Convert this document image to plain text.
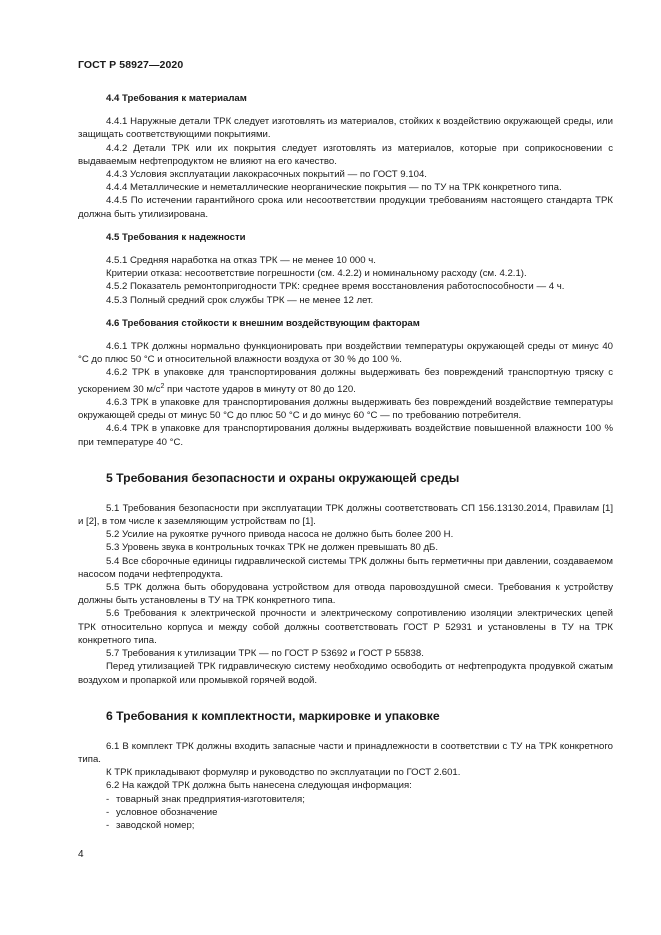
ГОСТ Р 58927—2020

4.4 Требования к материалам

4.4.1 Наружные детали ТРК следует изготовлять из материалов, стойких к воздействию окружающей среды, или защищать соответствующими покрытиями.

4.4.2 Детали ТРК или их покрытия следует изготовлять из материалов, которые при соприкосновении с выдаваемым нефтепродуктом не влияют на его качество.

4.4.3 Условия эксплуатации лакокрасочных покрытий — по ГОСТ 9.104.

4.4.4 Металлические и неметаллические неорганические покрытия — по ТУ на ТРК конкретного типа.

4.4.5 По истечении гарантийного срока или несоответствии продукции требованиям настоящего стандарта ТРК должна быть утилизирована.

4.5 Требования к надежности

4.5.1 Средняя наработка на отказ ТРК — не менее 10 000 ч.

Критерии отказа: несоответствие погрешности (см. 4.2.2) и номинальному расходу (см. 4.2.1).

4.5.2 Показатель ремонтопригодности ТРК: среднее время восстановления работоспособности — 4 ч.

4.5.3 Полный средний срок службы ТРК — не менее 12 лет.

4.6 Требования стойкости к внешним воздействующим факторам

4.6.1 ТРК должны нормально функционировать при воздействии температуры окружающей среды от минус 40 °С до плюс 50 °С и относительной влажности воздуха от 30 % до 100 %.

4.6.2 ТРК в упаковке для транспортирования должны выдерживать без повреждений транспортную тряску с ускорением 30 $м/с^2$ при частоте ударов в минуту от 80 до 120.

4.6.3 ТРК в упаковке для транспортирования должны выдерживать без повреждений воздействие температуры окружающей среды от минус 50 °С до плюс 50 °С и до минус 60 °С — по требованию потребителя.

4.6.4 ТРК в упаковке для транспортирования должны выдерживать воздействие повышенной влажности 100 % при температуре 40 °С.

5 Требования безопасности и охраны окружающей среды

5.1 Требования безопасности при эксплуатации ТРК должны соответствовать СП 156.13130.2014, Правилам [1] и [2], в том числе к заземляющим устройствам по [1].

5.2 Усилие на рукоятке ручного привода насоса не должно быть более 200 Н.

5.3 Уровень звука в контрольных точках ТРК не должен превышать 80 дБ.

5.4 Все сборочные единицы гидравлической системы ТРК должны быть герметичны при давлении, создаваемом насосом подачи нефтепродукта.

5.5 ТРК должна быть оборудована устройством для отвода паровоздушной смеси. Требования к устройству должны быть установлены в ТУ на ТРК конкретного типа.

5.6 Требования к электрической прочности и электрическому сопротивлению изоляции электрических цепей ТРК относительно корпуса и между собой должны соответствовать ГОСТ Р 52931 и установлены в ТУ на ТРК конкретного типа.

5.7 Требования к утилизации ТРК — по ГОСТ Р 53692 и ГОСТ Р 55838.

Перед утилизацией ТРК гидравлическую систему необходимо освободить от нефтепродукта продувкой сжатым воздухом и пропаркой или промывкой горячей водой.

6 Требования к комплектности, маркировке и упаковке

6.1 В комплект ТРК должны входить запасные части и принадлежности в соответствии с ТУ на ТРК конкретного типа.

К ТРК прикладывают формуляр и руководство по эксплуатации по ГОСТ 2.601.

6.2 На каждой ТРК должна быть нанесена следующая информация:

- товарный знак предприятия-изготовителя;

- условное обозначение

- заводской номер;

4
